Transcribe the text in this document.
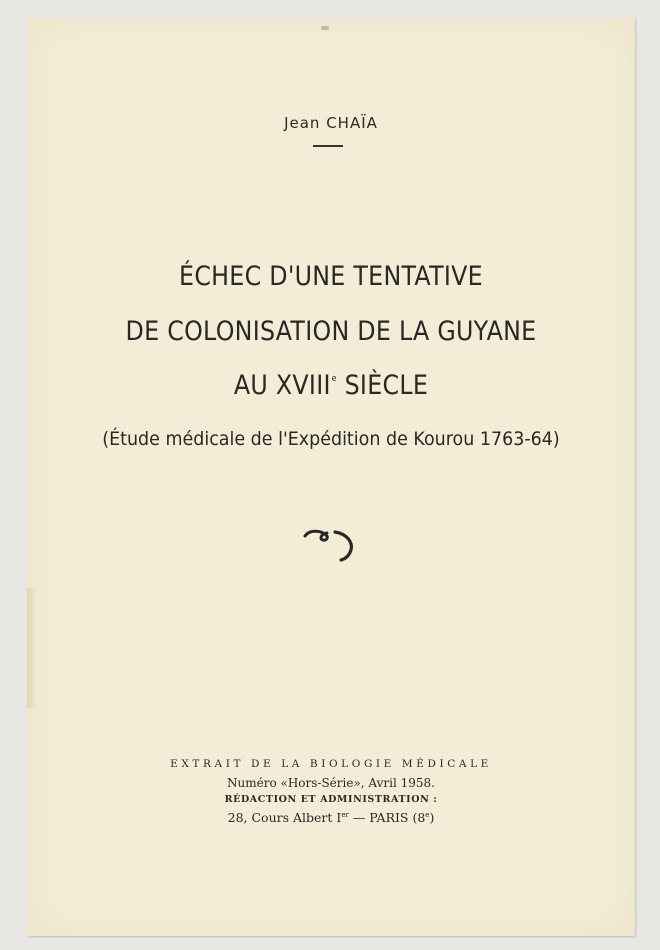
Jean CHAÏA
ÉCHEC D'UNE TENTATIVE
DE COLONISATION DE LA GUYANE
AU XVIIIe SIÈCLE
(Étude médicale de l'Expédition de Kourou 1763-64)
EXTRAIT DE LA BIOLOGIE MÉDICALE
Numéro «Hors-Série», Avril 1958.
RÉDACTION ET ADMINISTRATION :
28, Cours Albert Ier — PARIS (8e)
